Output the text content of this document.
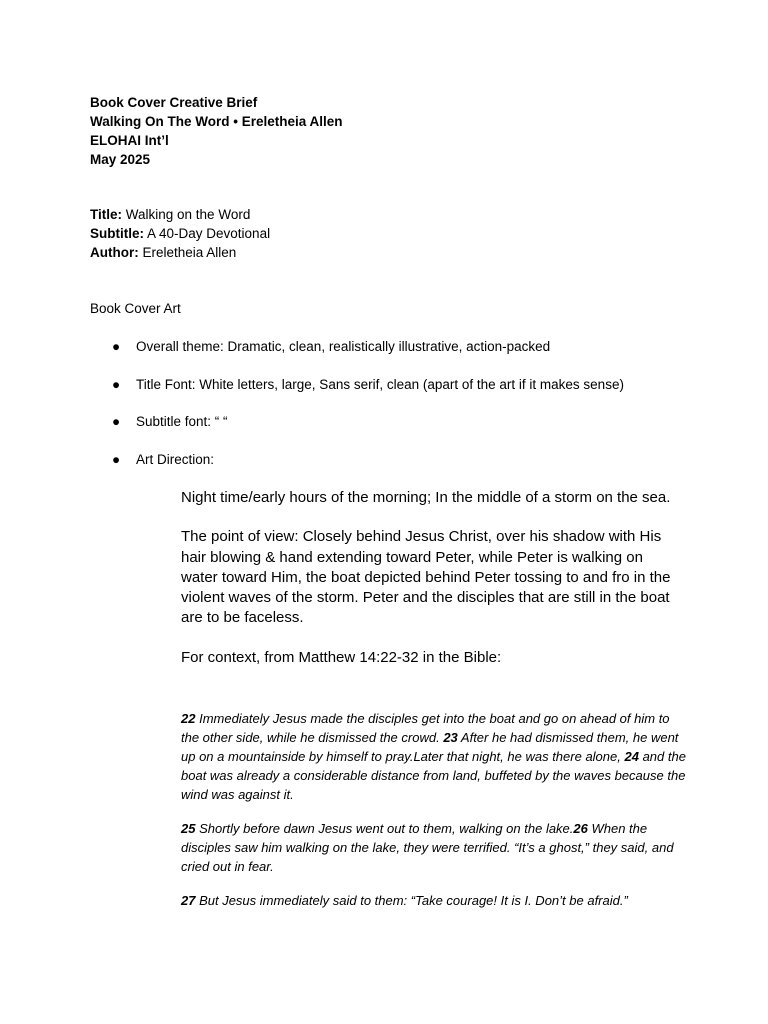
Book Cover Creative Brief
Walking On The Word • Ereletheia Allen
ELOHAI Int’l
May 2025
Title: Walking on the Word
Subtitle: A 40-Day Devotional
Author: Ereletheia Allen
Book Cover Art
●	Overall theme: Dramatic, clean, realistically illustrative, action-packed
●	Title Font: White letters, large, Sans serif, clean (apart of the art if it makes sense)
●	Subtitle font: “ “
●	Art Direction:

Night time/early hours of the morning; In the middle of a storm on the sea.

The point of view: Closely behind Jesus Christ, over his shadow with His hair blowing & hand extending toward Peter, while Peter is walking on water toward Him, the boat depicted behind Peter tossing to and fro in the violent waves of the storm. Peter and the disciples that are still in the boat are to be faceless.

For context, from Matthew 14:22-32 in the Bible:

22 Immediately Jesus made the disciples get into the boat and go on ahead of him to the other side, while he dismissed the crowd. 23 After he had dismissed them, he went up on a mountainside by himself to pray.Later that night, he was there alone, 24 and the boat was already a considerable distance from land, buffeted by the waves because the wind was against it.

25 Shortly before dawn Jesus went out to them, walking on the lake.26 When the disciples saw him walking on the lake, they were terrified. “It’s a ghost,” they said, and cried out in fear.

27 But Jesus immediately said to them: “Take courage! It is I. Don’t be afraid.”
